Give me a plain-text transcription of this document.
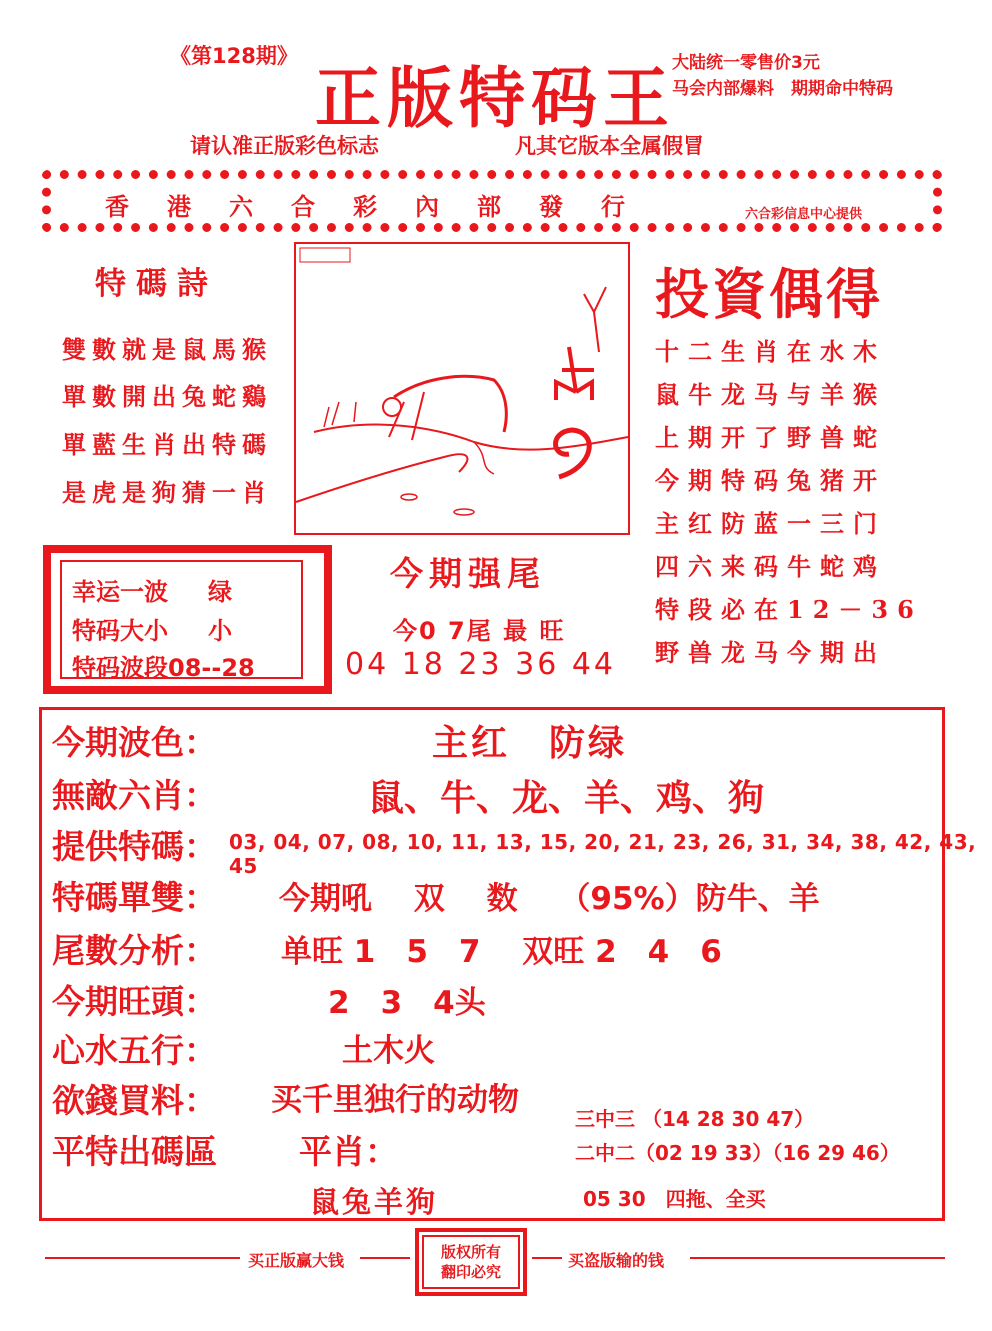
《第128期》
正版特码王
大陆统一零售价3元
马会内部爆料　期期命中特码
请认准正版彩色标志	凡其它版本全属假冒
香港六合彩內部發行	六合彩信息中心提供
特碼詩
雙數就是鼠馬猴
單數開出兔蛇鷄
單藍生肖出特碼
是虎是狗猜一肖
投資偶得
十二生肖在水木
鼠牛龙马与羊猴
上期开了野兽蛇
今期特码兔猪开
主红防蓝一三门
四六来码牛蛇鸡
特段必在12－36
野兽龙马今期出
幸运一波 绿
特码大小 小
特码波段08--28
今期强尾
今0 7尾 最 旺
04 18 23 36 44
今期波色：	主红　防绿
無敵六肖：	鼠、牛、龙、羊、鸡、狗
提供特碼： 03, 04, 07, 08, 10, 11, 13, 15, 20, 21, 23, 26, 31, 34, 38, 42, 43, 45
特碼單雙： 今期吼　 双　 数　 （95%）防牛、羊
尾數分析： 单旺 1　5　7　 双旺 2　4　6
今期旺頭：	2　3　4头
心水五行：	土木火
欲錢買料： 买千里独行的动物
平特出碼區 平肖：
鼠兔羊狗
三中三 （14 28 30 47）
二中二（02 19 33）（16 29 46）
05 30　四拖、全买
买正版赢大钱	版权所有
翻印必究
买盗版输的钱
